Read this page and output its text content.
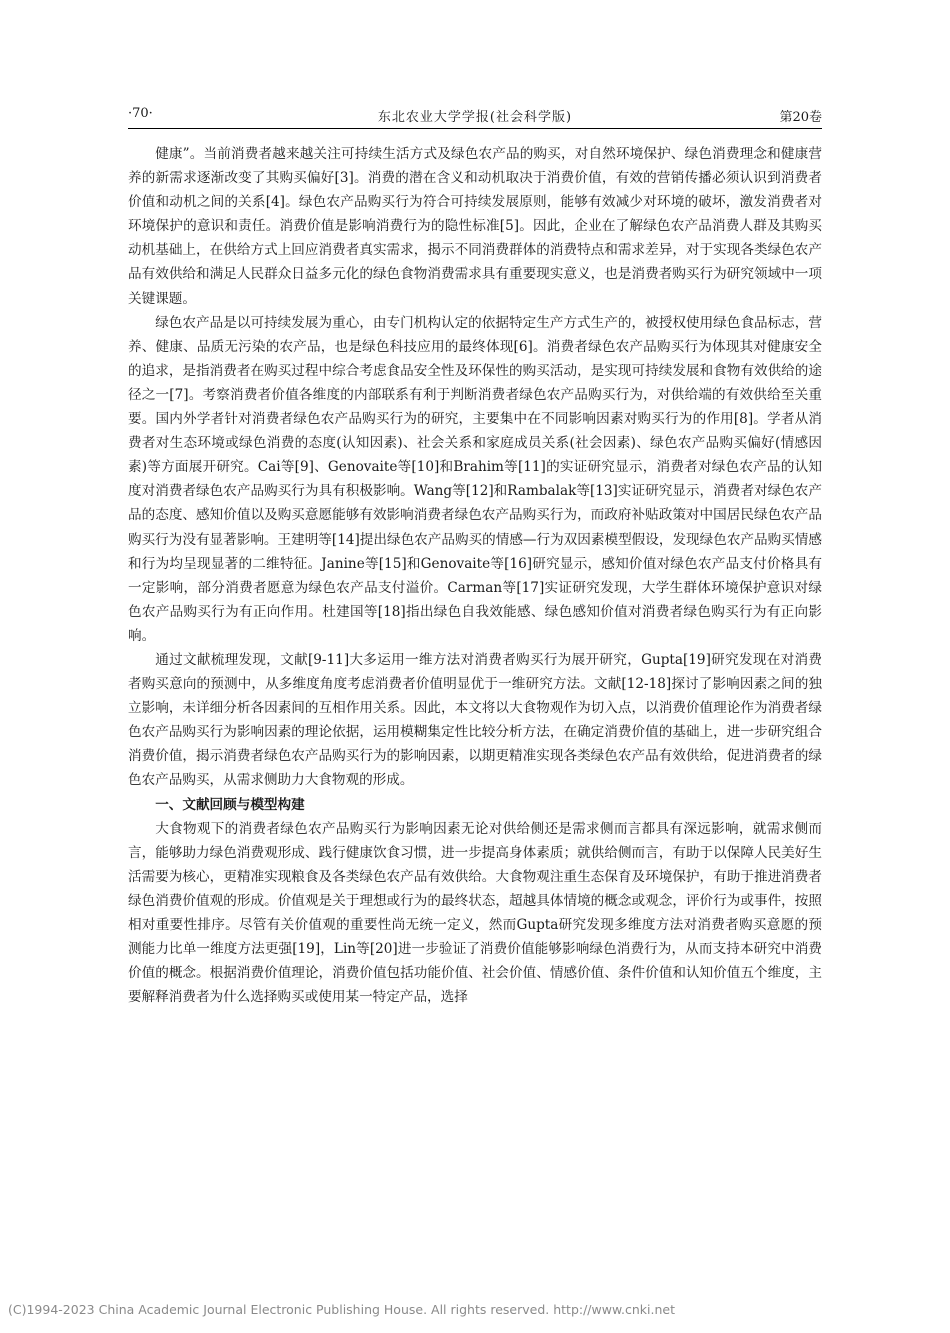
·70·	东北农业大学学报(社会科学版)	第20卷

健康”。当前消费者越来越关注可持续生活方式及绿色农产品的购买，对自然环境保护、绿色消费理念和健康营养的新需求逐渐改变了其购买偏好[3]。消费的潜在含义和动机取决于消费价值，有效的营销传播必须认识到消费者价值和动机之间的关系[4]。绿色农产品购买行为符合可持续发展原则，能够有效减少对环境的破坏，激发消费者对环境保护的意识和责任。消费价值是影响消费行为的隐性标准[5]。因此，企业在了解绿色农产品消费人群及其购买动机基础上，在供给方式上回应消费者真实需求，揭示不同消费群体的消费特点和需求差异，对于实现各类绿色农产品有效供给和满足人民群众日益多元化的绿色食物消费需求具有重要现实意义，也是消费者购买行为研究领域中一项关键课题。

绿色农产品是以可持续发展为重心，由专门机构认定的依据特定生产方式生产的，被授权使用绿色食品标志，营养、健康、品质无污染的农产品，也是绿色科技应用的最终体现[6]。消费者绿色农产品购买行为体现其对健康安全的追求，是指消费者在购买过程中综合考虑食品安全性及环保性的购买活动，是实现可持续发展和食物有效供给的途径之一[7]。考察消费者价值各维度的内部联系有利于判断消费者绿色农产品购买行为，对供给端的有效供给至关重要。国内外学者针对消费者绿色农产品购买行为的研究，主要集中在不同影响因素对购买行为的作用[8]。学者从消费者对生态环境或绿色消费的态度(认知因素)、社会关系和家庭成员关系(社会因素)、绿色农产品购买偏好(情感因素)等方面展开研究。Cai等[9]、Genovaite等[10]和Brahim等[11]的实证研究显示，消费者对绿色农产品的认知度对消费者绿色农产品购买行为具有积极影响。Wang等[12]和Rambalak等[13]实证研究显示，消费者对绿色农产品的态度、感知价值以及购买意愿能够有效影响消费者绿色农产品购买行为，而政府补贴政策对中国居民绿色农产品购买行为没有显著影响。王建明等[14]提出绿色农产品购买的情感—行为双因素模型假设，发现绿色农产品购买情感和行为均呈现显著的二维特征。Janine等[15]和Genovaite等[16]研究显示，感知价值对绿色农产品支付价格具有一定影响，部分消费者愿意为绿色农产品支付溢价。Carman等[17]实证研究发现，大学生群体环境保护意识对绿色农产品购买行为有正向作用。杜建国等[18]指出绿色自我效能感、绿色感知价值对消费者绿色购买行为有正向影响。

通过文献梳理发现，文献[9-11]大多运用一维方法对消费者购买行为展开研究，Gupta[19]研究发现在对消费者购买意向的预测中，从多维度角度考虑消费者价值明显优于一维研究方法。文献[12-18]探讨了影响因素之间的独立影响，未详细分析各因素间的互相作用关系。因此，本文将以大食物观作为切入点，以消费价值理论作为消费者绿色农产品购买行为影响因素的理论依据，运用模糊集定性比较分析方法，在确定消费价值的基础上，进一步研究组合消费价值，揭示消费者绿色农产品购买行为的影响因素，以期更精准实现各类绿色农产品有效供给，促进消费者的绿色农产品购买，从需求侧助力大食物观的形成。

一、文献回顾与模型构建

大食物观下的消费者绿色农产品购买行为影响因素无论对供给侧还是需求侧而言都具有深远影响，就需求侧而言，能够助力绿色消费观形成、践行健康饮食习惯，进一步提高身体素质；就供给侧而言，有助于以保障人民美好生活需要为核心，更精准实现粮食及各类绿色农产品有效供给。大食物观注重生态保育及环境保护，有助于推进消费者绿色消费价值观的形成。价值观是关于理想或行为的最终状态，超越具体情境的概念或观念，评价行为或事件，按照相对重要性排序。尽管有关价值观的重要性尚无统一定义，然而Gupta研究发现多维度方法对消费者购买意愿的预测能力比单一维度方法更强[19]，Lin等[20]进一步验证了消费价值能够影响绿色消费行为，从而支持本研究中消费价值的概念。根据消费价值理论，消费价值包括功能价值、社会价值、情感价值、条件价值和认知价值五个维度，主要解释消费者为什么选择购买或使用某一特定产品，选择

(C)1994-2023 China Academic Journal Electronic Publishing House. All rights reserved. http://www.cnki.net
